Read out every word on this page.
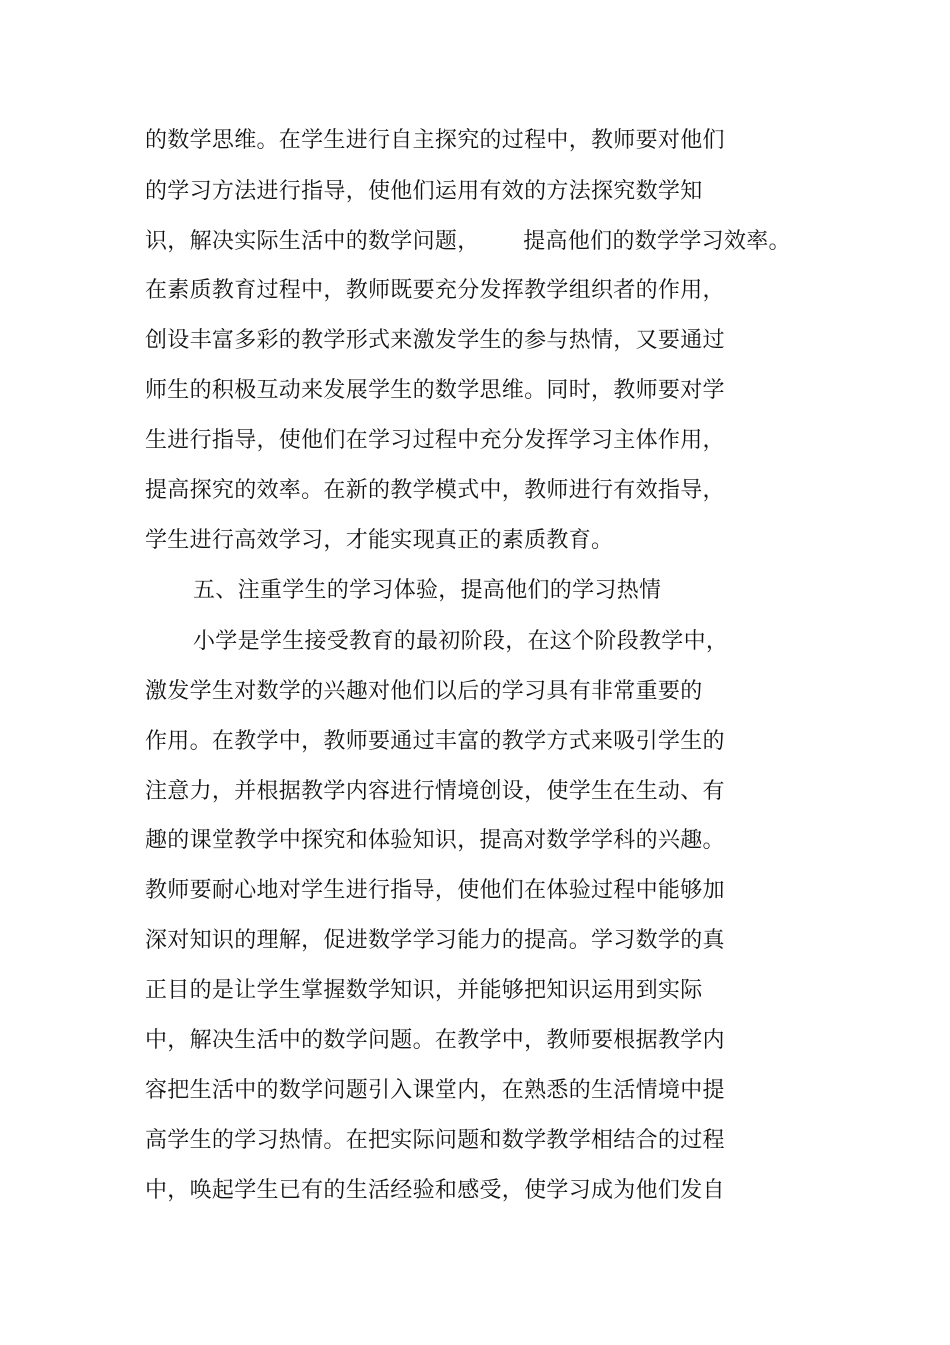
的数学思维。在学生进行自主探究的过程中，教师要对他们
的学习方法进行指导，使他们运用有效的方法探究数学知
识，解决实际生活中的数学问题，      提高他们的数学学习效率。
在素质教育过程中，教师既要充分发挥教学组织者的作用，
创设丰富多彩的教学形式来激发学生的参与热情，又要通过
师生的积极互动来发展学生的数学思维。同时，教师要对学
生进行指导，使他们在学习过程中充分发挥学习主体作用，
提高探究的效率。在新的教学模式中，教师进行有效指导，
学生进行高效学习，才能实现真正的素质教育。
五、注重学生的学习体验，提高他们的学习热情
小学是学生接受教育的最初阶段，在这个阶段教学中，
激发学生对数学的兴趣对他们以后的学习具有非常重要的
作用。在教学中，教师要通过丰富的教学方式来吸引学生的
注意力，并根据教学内容进行情境创设，使学生在生动、有
趣的课堂教学中探究和体验知识，提高对数学学科的兴趣。
教师要耐心地对学生进行指导，使他们在体验过程中能够加
深对知识的理解，促进数学学习能力的提高。学习数学的真
正目的是让学生掌握数学知识，并能够把知识运用到实际
中，解决生活中的数学问题。在教学中，教师要根据教学内
容把生活中的数学问题引入课堂内，在熟悉的生活情境中提
高学生的学习热情。在把实际问题和数学教学相结合的过程
中，唤起学生已有的生活经验和感受，使学习成为他们发自
